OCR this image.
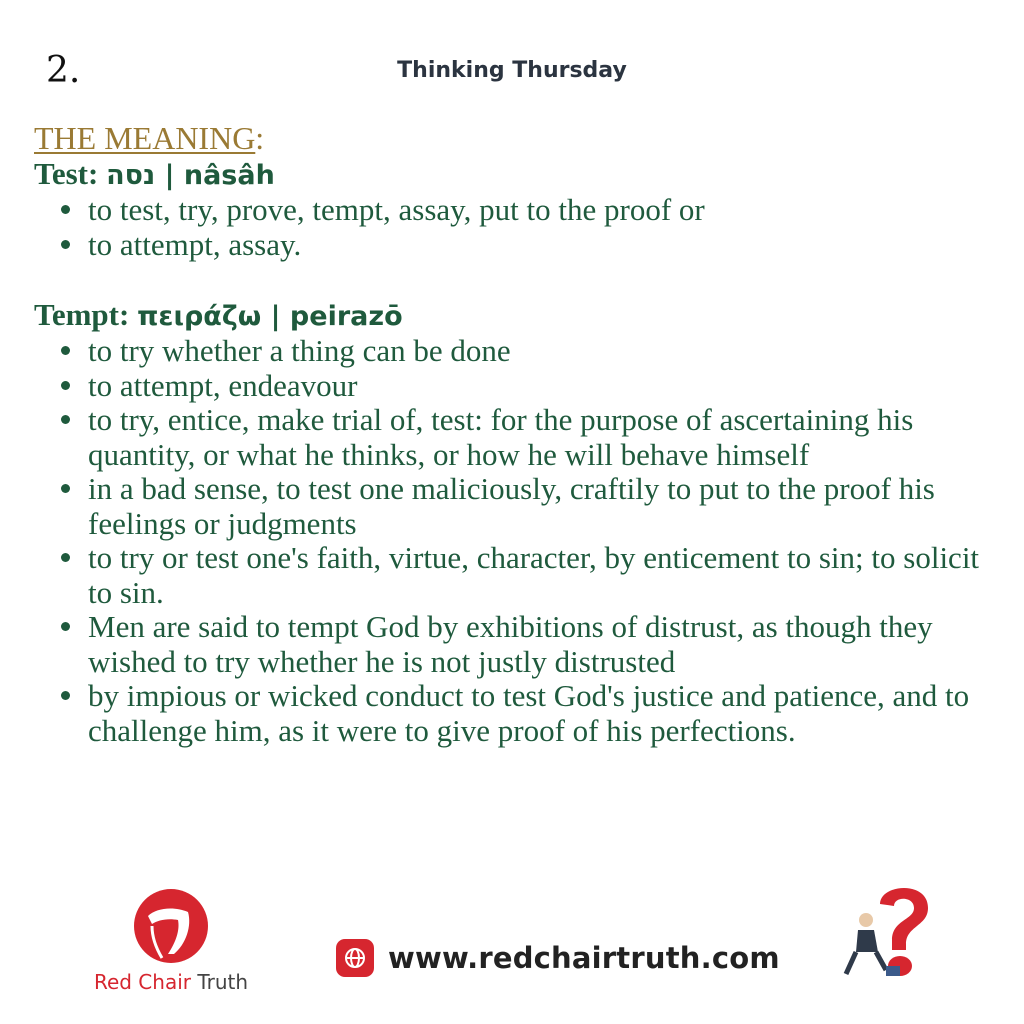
2.	Thinking Thursday
THE MEANING:
Test: נסה | nâsâh
to test, try, prove, tempt, assay, put to the proof or
to attempt, assay.
Tempt: πειράζω | peirazō
to try whether a thing can be done
to attempt, endeavour
to try, entice, make trial of, test: for the purpose of ascertaining his quantity, or what he thinks, or how he will behave himself
in a bad sense, to test one maliciously, craftily to put to the proof his feelings or judgments
to try or test one's faith, virtue, character, by enticement to sin; to solicit to sin.
Men are said to tempt God by exhibitions of distrust, as though they wished to try whether he is not justly distrusted
by impious or wicked conduct to test God's justice and patience, and to challenge him, as it were to give proof of his perfections.
Red Chair Truth
www.redchairtruth.com
